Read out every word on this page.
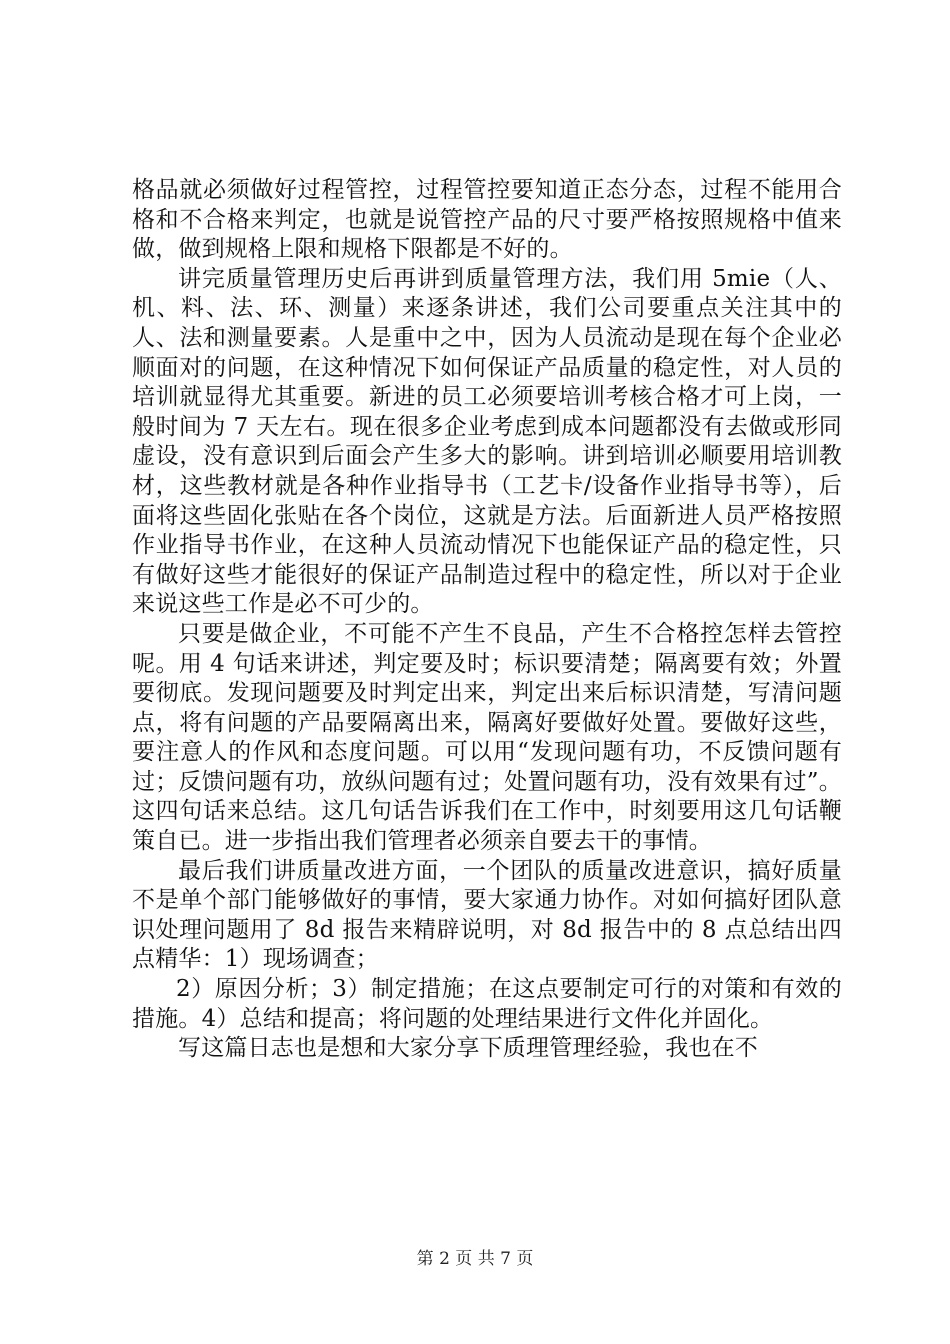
格品就必须做好过程管控，过程管控要知道正态分态，过程不能用合格和不合格来判定，也就是说管控产品的尺寸要严格按照规格中值来做，做到规格上限和规格下限都是不好的。

讲完质量管理历史后再讲到质量管理方法，我们用 5mie（人、机、料、法、环、测量）来逐条讲述，我们公司要重点关注其中的人、法和测量要素。人是重中之中，因为人员流动是现在每个企业必顺面对的问题，在这种情况下如何保证产品质量的稳定性，对人员的培训就显得尤其重要。新进的员工必须要培训考核合格才可上岗，一般时间为 7 天左右。现在很多企业考虑到成本问题都没有去做或形同虚设，没有意识到后面会产生多大的影响。讲到培训必顺要用培训教材，这些教材就是各种作业指导书（工艺卡/设备作业指导书等），后面将这些固化张贴在各个岗位，这就是方法。后面新进人员严格按照作业指导书作业，在这种人员流动情况下也能保证产品的稳定性，只有做好这些才能很好的保证产品制造过程中的稳定性，所以对于企业来说这些工作是必不可少的。

只要是做企业，不可能不产生不良品，产生不合格控怎样去管控呢。用 4 句话来讲述，判定要及时；标识要清楚；隔离要有效；外置要彻底。发现问题要及时判定出来，判定出来后标识清楚，写清问题点，将有问题的产品要隔离出来，隔离好要做好处置。要做好这些，要注意人的作风和态度问题。可以用“发现问题有功，不反馈问题有过；反馈问题有功，放纵问题有过；处置问题有功，没有效果有过”。这四句话来总结。这几句话告诉我们在工作中，时刻要用这几句话鞭策自已。进一步指出我们管理者必须亲自要去干的事情。

最后我们讲质量改进方面，一个团队的质量改进意识，搞好质量不是单个部门能够做好的事情，要大家通力协作。对如何搞好团队意识处理问题用了 8d 报告来精辟说明，对 8d 报告中的 8 点总结出四点精华：1）现场调查；

2）原因分析；3）制定措施；在这点要制定可行的对策和有效的措施。4）总结和提高；将问题的处理结果进行文件化并固化。

写这篇日志也是想和大家分享下质理管理经验，我也在不

第 2 页 共 7 页
